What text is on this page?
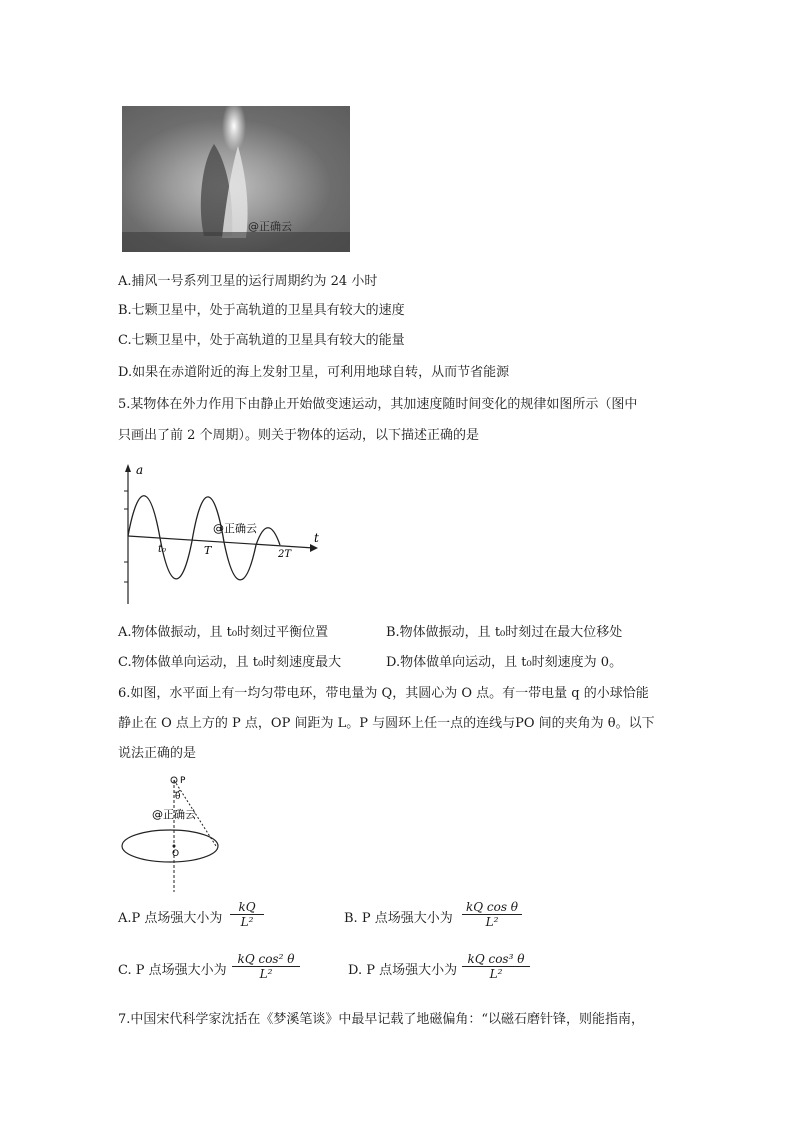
@正确云
A.捕风一号系列卫星的运行周期约为 24 小时
B.七颗卫星中，处于高轨道的卫星具有较大的速度
C.七颗卫星中，处于高轨道的卫星具有较大的能量
D.如果在赤道附近的海上发射卫星，可利用地球自转，从而节省能源
5.某物体在外力作用下由静止开始做变速运动，其加速度随时间变化的规律如图所示（图中
只画出了前 2 个周期）。则关于物体的运动，以下描述正确的是
a
t
t₀	T	2T
@正确云
A.物体做振动，且 t₀时刻过平衡位置	B.物体做振动，且 t₀时刻过在最大位移处
C.物体做单向运动，且 t₀时刻速度最大	D.物体做单向运动，且 t₀时刻速度为 0。
6.如图，水平面上有一均匀带电环，带电量为 Q，其圆心为 O 点。有一带电量 q 的小球恰能
静止在 O 点上方的 P 点，OP 间距为 L。P 与圆环上任一点的连线与PO 间的夹角为 θ。以下
说法正确的是
P
θ
O
@正确云
A.P 点场强大小为 $\frac{kQ}{\text{L²}}$	B. P 点场强大小为 $\frac{\text{kQ cos θ}}{\text{L²}}$
C. P 点场强大小为 $\frac{\text{kQ cos² θ}}{\text{L²}}$	D. P 点场强大小为 $\frac{\text{kQ cos³ θ}}{\text{L²}}$
7.中国宋代科学家沈括在《梦溪笔谈》中最早记载了地磁偏角：“以磁石磨针锋，则能指南，
